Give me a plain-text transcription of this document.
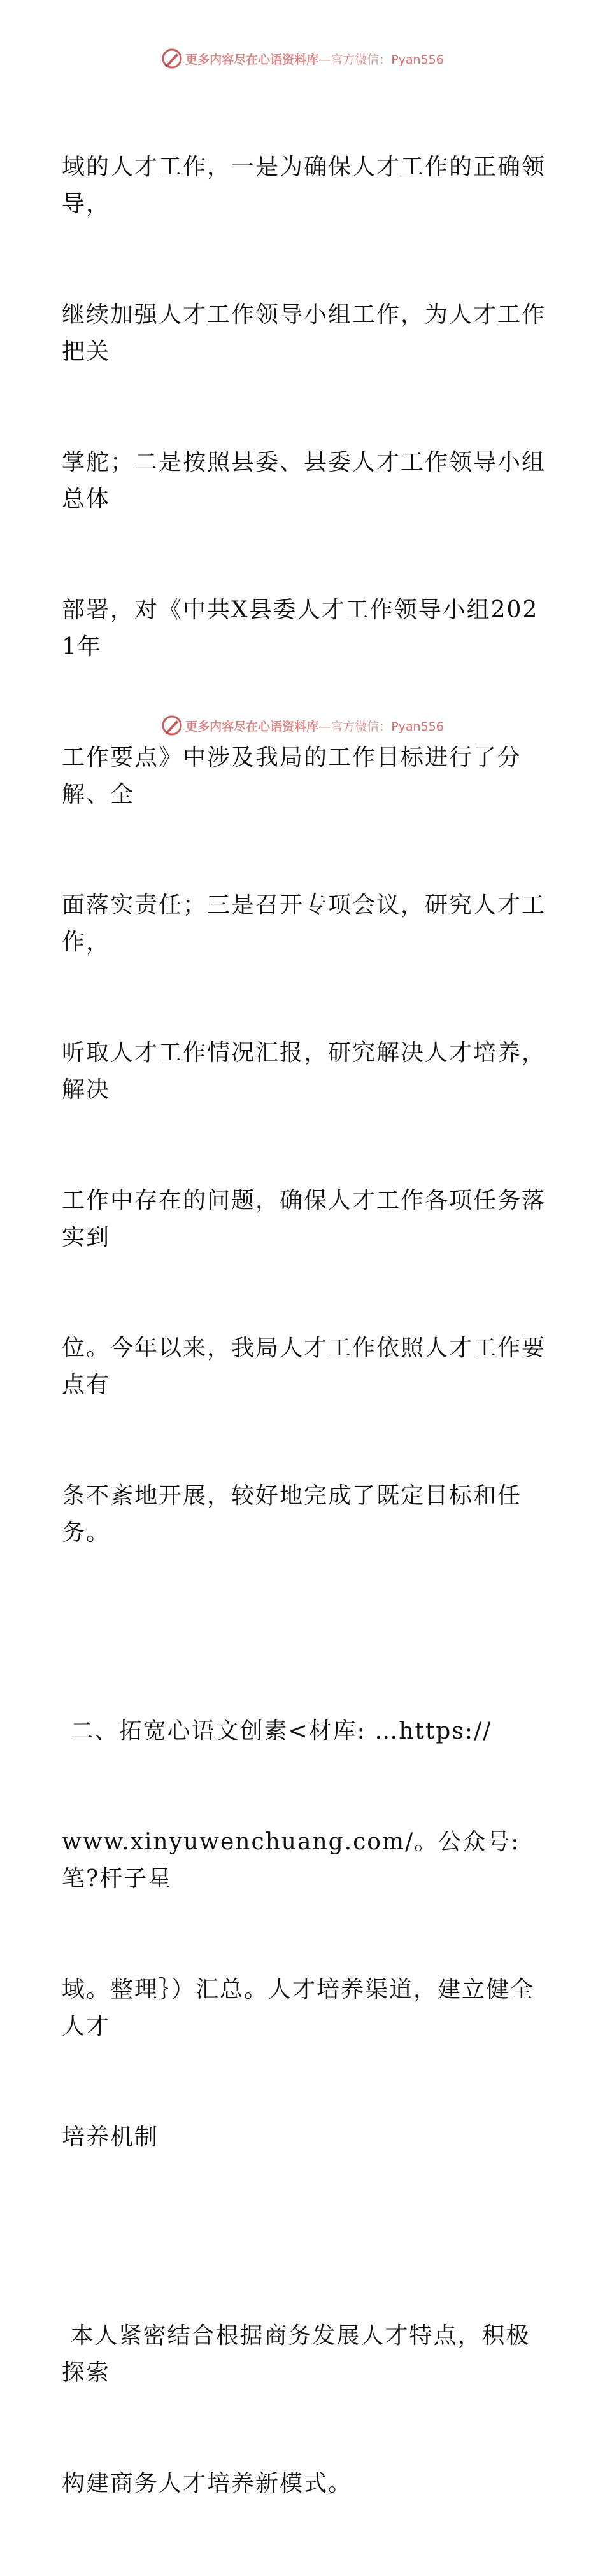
更多内容尽在心语资料库—官方微信：Pyan556

域的人才工作，一是为确保人才工作的正确领导，

继续加强人才工作领导小组工作，为人才工作把关

掌舵；二是按照县委、县委人才工作领导小组总体

部署，对《中共X县委人才工作领导小组2021年

工作要点》中涉及我局的工作目标进行了分解、全

面落实责任；三是召开专项会议，研究人才工作，

听取人才工作情况汇报，研究解决人才培养，解决

工作中存在的问题，确保人才工作各项任务落实到

位。今年以来，我局人才工作依照人才工作要点有

条不紊地开展，较好地完成了既定目标和任务。

二、拓宽心语文创素<材库: …https://

www.xinyuwenchuang.com/。公众号: 笔?杆子星

域。整理｝）汇总。人才培养渠道，建立健全人才

培养机制

本人紧密结合根据商务发展人才特点，积极探索

构建商务人才培养新模式。

更多内容尽在心语资料库—官方微信：Pyan556
